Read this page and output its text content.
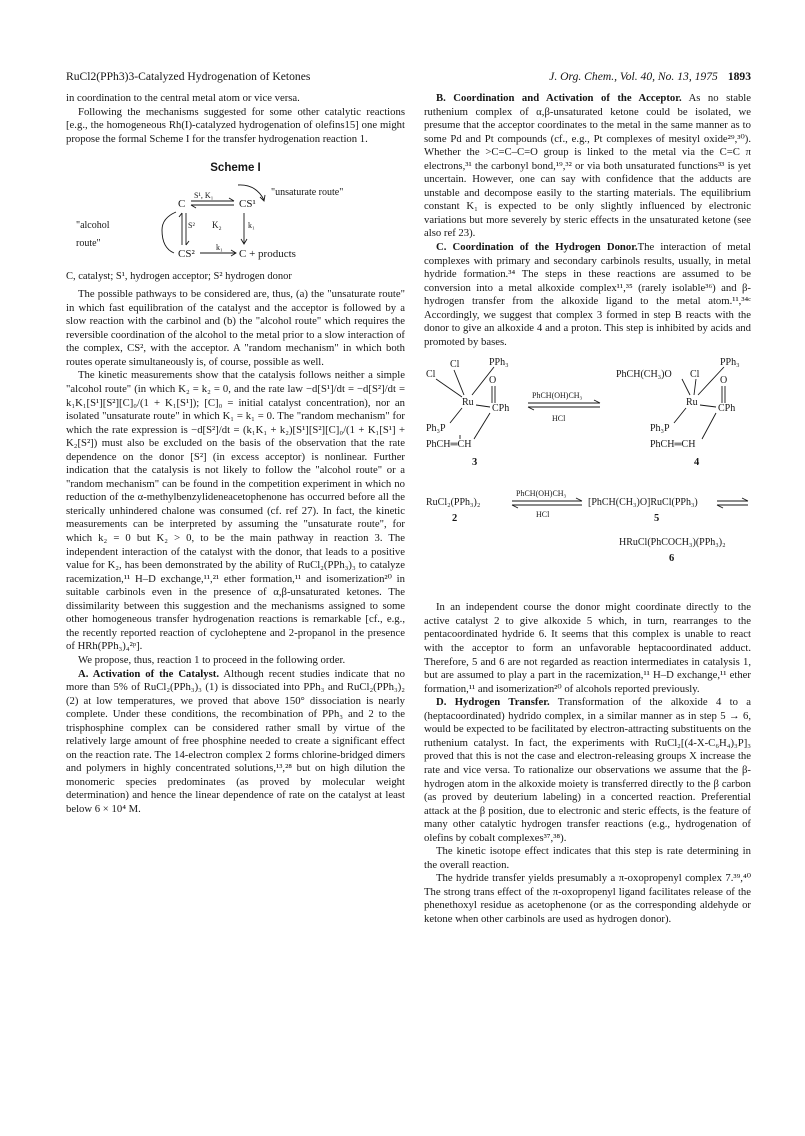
RuCl2(PPh3)3-Catalyzed Hydrogenation of Ketones	J. Org. Chem., Vol. 40, No. 13, 1975 1893

in coordination to the central metal atom or vice versa.

Following the mechanisms suggested for some other catalytic reactions [e.g., the homogeneous Rh(I)-catalyzed hydrogenation of olefins15] one might propose the formal Scheme I for the transfer hydrogenation reaction 1.

Scheme I
C	CS¹
S¹, K₁	"unsaturate route"
"alcohol
route"
S² K₂	k₁
CS²
k₁
C + products
C, catalyst; S¹, hydrogen acceptor; S² hydrogen donor

The possible pathways to be considered are, thus, (a) the "unsaturate route" in which fast equilibration of the catalyst and the acceptor is followed by a slow reaction with the carbinol and (b) the "alcohol route" which requires the reversible coordination of the alcohol to the metal prior to a slow interaction of the complex, CS², with the acceptor. A "random mechanism" in which both routes operate simultaneously is, of course, possible as well.

The kinetic measurements show that the catalysis follows neither a simple "alcohol route" (in which K₂ = k₂ = 0, and the rate law −d[S¹]/dt = −d[S²]/dt = k₁K₁[S¹][S²][C]₀/(1 + K₁[S¹]); [C]₀ = initial catalyst concentration), nor an isolated "unsaturate route" in which K₁ = k₁ = 0. The "random mechanism" for which the rate expression is −d[S²]/dt = (k₁K₁ + k₂)[S¹][S²][C]₀/(1 + K₁[S¹] + K₂[S²]) must also be excluded on the basis of the observation that the rate dependence on the donor [S²] (in excess acceptor) is nonlinear. Further indication that the catalysis is not likely to follow the "alcohol route" or a "random mechanism" can be found in the competition experiment in which no reduction of the α-methylbenzylideneacetophenone has occurred before all the sterically unhindered chalone was consumed (cf. ref 27). In fact, the kinetic measurements can be interpreted by assuming the "unsaturate route", for which k₂ = 0 but K₂ > 0, to be the main pathway in reaction 3. The independent interaction of the catalyst with the donor, that leads to a positive value for K₂, has been demonstrated by the ability of RuCl₂(PPh₃)₃ to catalyze racemization,¹¹ H–D exchange,¹¹,²¹ ether formation,¹¹ and isomerization²⁰ in suitable carbinols even in the presence of α,β-unsaturated ketones. The dissimilarity between this suggestion and the mechanisms assigned to some other homogeneous transfer hydrogenation reactions is remarkable [cf., e.g., the recently reported reaction of cycloheptene and 2-propanol in the presence of HRh(PPh₃)₄²ᵖ].

We propose, thus, reaction 1 to proceed in the following order.

A. Activation of the Catalyst. Although recent studies indicate that no more than 5% of RuCl₂(PPh₃)₃ (1) is dissociated into PPh₃ and RuCl₂(PPh₃)₂ (2) at low temperatures, we proved that above 150° dissociation is nearly complete. Under these conditions, the recombination of PPh₃ and 2 to the trisphosphine complex can be considered rather small by virtue of the relatively large amount of free phosphine needed to create a significant effect on the reaction rate. The 14-electron complex 2 forms chlorine-bridged dimers and polymers in highly concentrated solutions,¹³,²⁸ but on high dilution the monomeric species predominates (as proved by molecular weight determination) and hence the linear dependence of rate on the catalyst at least below 6 × 10⁴ M.

B. Coordination and Activation of the Acceptor. As no stable ruthenium complex of α,β-unsaturated ketone could be isolated, we presume that the acceptor coordinates to the metal in the same manner as to some Pd and Pt compounds (cf., e.g., Pt complexes of mesityl oxide²⁹,³⁰). Whether the >C=C–C=O group is linked to the metal via the C=C π electrons,³¹ the carbonyl bond,¹⁹,³² or via both unsaturated functions³³ is yet uncertain. However, one can say with confidence that the adducts are unstable and decompose easily to the starting materials. The equilibrium constant K₁ is expected to be only slightly influenced by electronic variations but more severely by steric effects in the unsaturated ketone (see also ref 23).

C. Coordination of the Hydrogen Donor.The interaction of metal complexes with primary and secondary carbinols results, usually, in metal hydride formation.³⁴ The steps in these reactions are assumed to be conversion into a metal alkoxide complex¹¹,³⁵ (rarely isolable³⁶) and β-hydrogen transfer from the alkoxide ligand to the metal atom.¹¹,³⁴ᶜ Accordingly, we suggest that complex 3 formed in step B reacts with the donor to give an alkoxide 4 and a proton. This step is inhibited by acids and promoted by bases.

Cl
Cl	PPh₃
O
Ru
CPh
Ph₃P
PhCH═CH
3
PhCH(OH)CH₃
HCl
PhCH(CH₃)O Cl
PPh₃
O
Ru
CPh
Ph₃P
PhCH═CH
4
RuCl₂(PPh₃)₂
2
PhCH(OH)CH₃
HCl
[PhCH(CH₃)O]RuCl(PPh₃)
5
HRuCl(PhCOCH₃)(PPh₃)₂
6

In an independent course the donor might coordinate directly to the active catalyst 2 to give alkoxide 5 which, in turn, rearranges to the pentacoordinated hydride 6. It seems that this complex is unable to react with the acceptor to form an unfavorable heptacoordinated adduct. Therefore, 5 and 6 are not regarded as reaction intermediates in catalysis 1, but are assumed to play a part in the racemization,¹¹ H–D exchange,¹¹ ether formation,¹¹ and isomerization²⁰ of alcohols reported previously.

D. Hydrogen Transfer. Transformation of the alkoxide 4 to a (heptacoordinated) hydrido complex, in a similar manner as in step 5 → 6, would be expected to be facilitated by electron-attracting substituents on the ruthenium catalyst. In fact, the experiments with RuCl₂[(4-X-C₆H₄)₃P]₃ proved that this is not the case and electron-releasing groups X increase the rate and vice versa. To rationalize our observations we assume that the β-hydrogen atom in the alkoxide moiety is transferred directly to the β carbon (as proved by deuterium labeling) in a concerted reaction. Preferential attack at the β position, due to electronic and steric effects, is the feature of many other catalytic hydrogen transfer reactions (e.g., hydrogenation of olefins by cobalt complexes³⁷,³⁸).

The kinetic isotope effect indicates that this step is rate determining in the overall reaction.

The hydride transfer yields presumably a π-oxopropenyl complex 7.³⁹,⁴⁰ The strong trans effect of the π-oxopropenyl ligand facilitates release of the phenethoxyl residue as acetophenone (or as the corresponding aldehyde or ketone when other carbinols are used as hydrogen donor).
